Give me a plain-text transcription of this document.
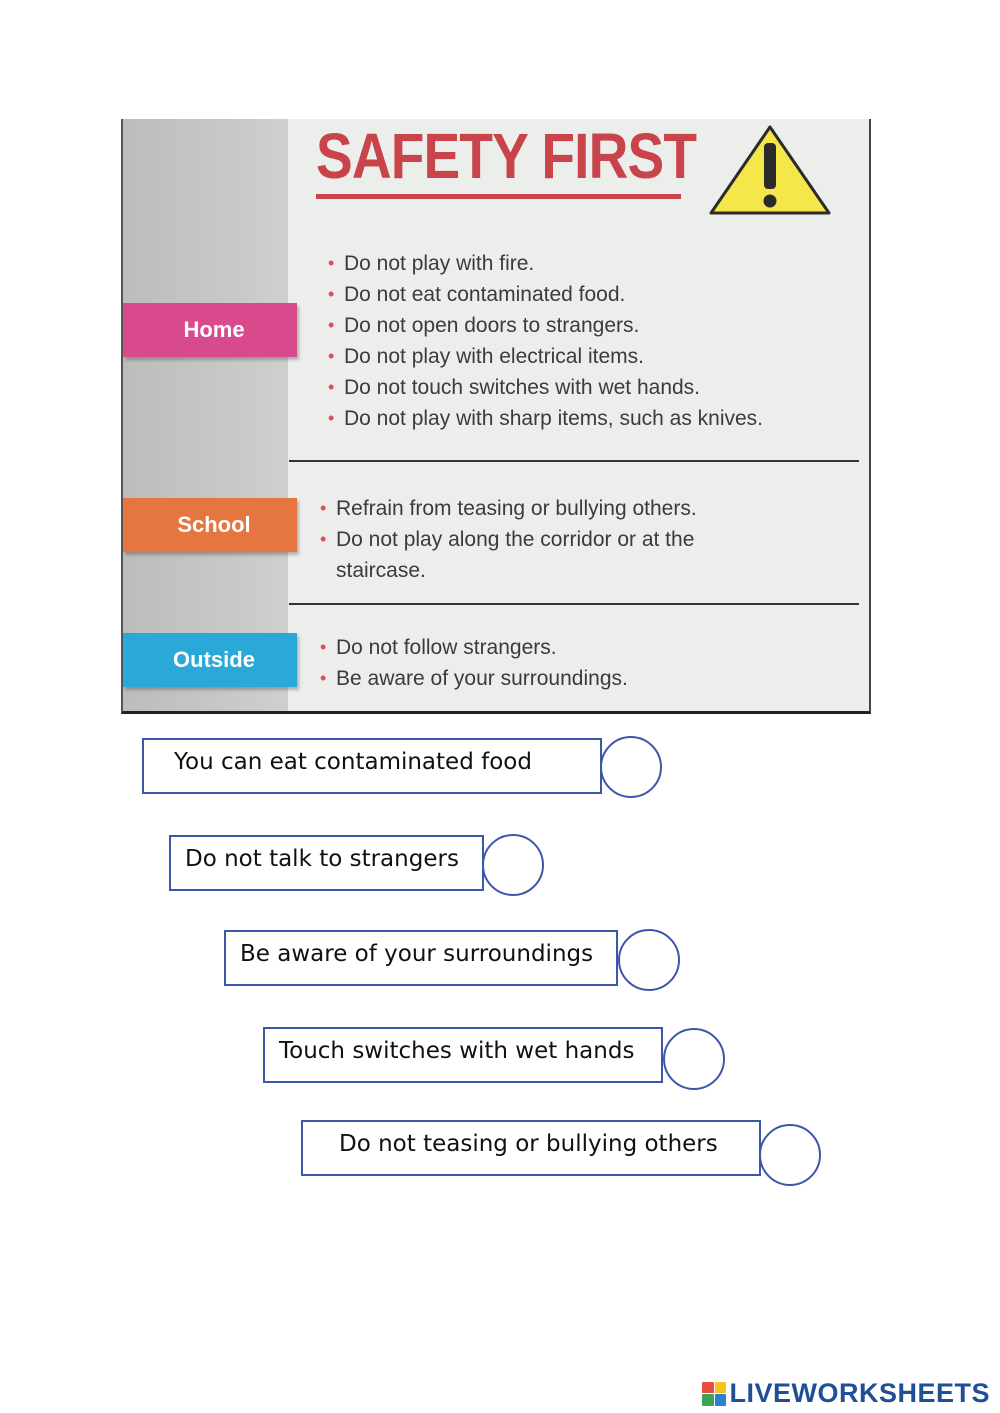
SAFETY FIRST
Home
• Do not play with fire.
• Do not eat contaminated food.
• Do not open doors to strangers.
• Do not play with electrical items.
• Do not touch switches with wet hands.
• Do not play with sharp items, such as knives.
School
• Refrain from teasing or bullying others.
• Do not play along the corridor or at the staircase.
Outside
•	Do not follow strangers.
• Be aware of your surroundings.
You can eat contaminated food
Do not talk to strangers
Be aware of your surroundings
Touch switches with wet hands
Do not teasing or bullying others
LIVEWORKSHEETS
